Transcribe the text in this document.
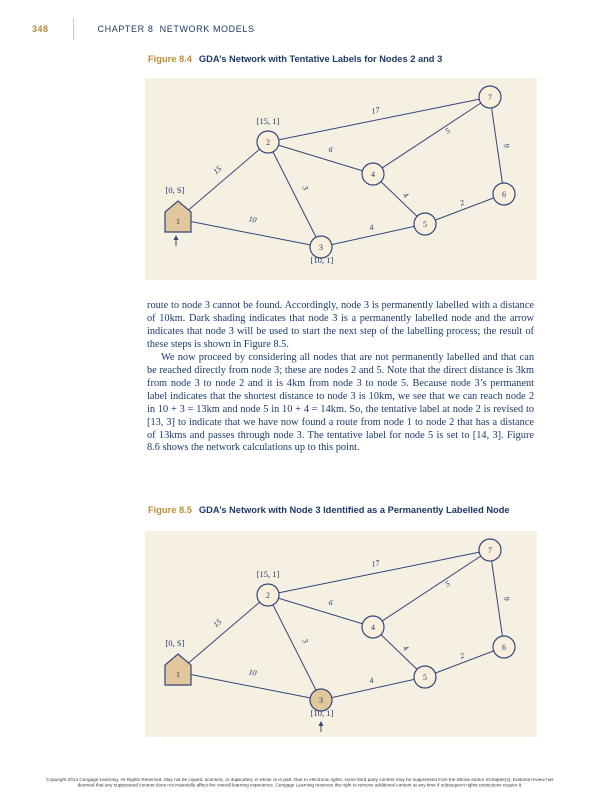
348	CHAPTER 8  NETWORK MODELS
Figure 8.4 GDA’s Network with Tentative Labels for Nodes 2 and 3
15
10
3
6
17
5
4
4
2
9
1
[0, S]
2
[15, 1]
3
[10, 1]
4
5
6
7

route to node 3 cannot be found. Accordingly, node 3 is permanently labelled with a distance of 10km. Dark shading indicates that node 3 is a permanently labelled node and the arrow indicates that node 3 will be used to start the next step of the labelling process; the result of these steps is shown in Figure 8.5.

We now proceed by considering all nodes that are not permanently labelled and that can be reached directly from node 3; these are nodes 2 and 5. Note that the direct distance is 3km from node 3 to node 2 and it is 4km from node 3 to node 5. Because node 3’s permanent label indicates that the shortest distance to node 3 is 10km, we see that we can reach node 2 in 10 + 3 = 13km and node 5 in 10 + 4 = 14km. So, the tentative label at node 2 is revised to [13, 3] to indicate that we have now found a route from node 1 to node 2 that has a distance of 13kms and passes through node 3. The tentative label for node 5 is set to [14, 3]. Figure 8.6 shows the network calculations up to this point.

Figure 8.5 GDA’s Network with Node 3 Identified as a Permanently Labelled Node
15
10
3
6
17
5
4
4
2
9
1
[0, S]
2
[15, 1]
3
[10, 1]
4
5
6
7
Copyright 2014 Cengage Learning. All Rights Reserved. May not be copied, scanned, or duplicated, in whole or in part. Due to electronic rights, some third party content may be suppressed from the eBook and/or eChapter(s). Editorial review has
deemed that any suppressed content does not materially affect the overall learning experience. Cengage Learning reserves the right to remove additional content at any time if subsequent rights restrictions require it.
